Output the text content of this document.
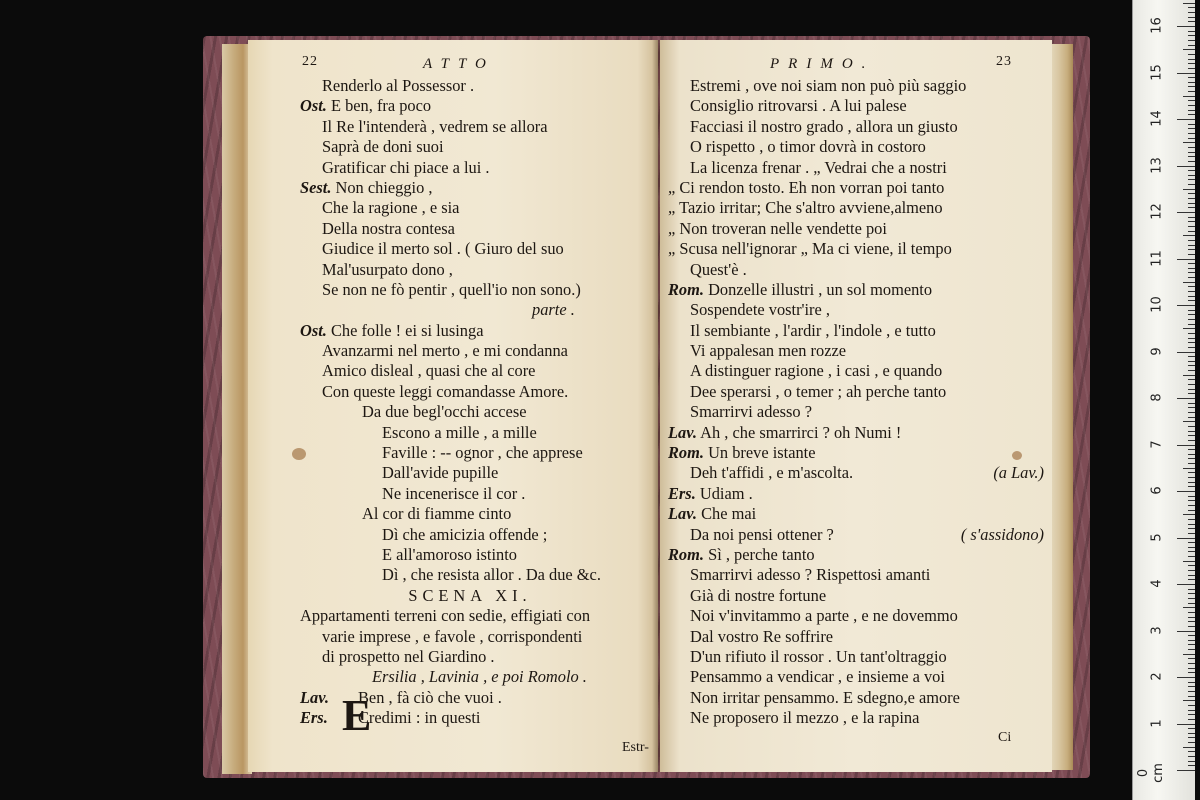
22	ATTO
Renderlo al Possessor .
Ost. E ben, fra poco
Il Re l'intenderà , vedrem se allora
Saprà de doni suoi
Gratificar chi piace a lui .
Sest. Non chieggio ,
Che la ragione , e sia
Della nostra contesa
Giudice il merto sol . ( Giuro del suo
Mal'usurpato dono ,
Se non ne fò pentir , quell'io non sono.)
parte .
Ost. Che folle ! ei si lusinga
Avanzarmi nel merto , e mi condanna
Amico disleal , quasi che al core
Con queste leggi comandasse Amore.
Da due begl'occhi accese
Escono a mille , a mille
Faville : -- ognor , che apprese
Dall'avide pupille
Ne incenerisce il cor .
Al cor di fiamme cinto
Dì che amicizia offende ;
E all'amoroso istinto
Dì , che resista allor . Da due &c.
SCENA XI.
Appartamenti terreni con sedie, effigiati con
varie imprese , e favole , corrispondenti
di prospetto nel Giardino .
Ersilia , Lavinia , e poi Romolo .
Lav. Ben , fà ciò che vuoi .
Ers. Credimi : in questi
E
Estr-
PRIMO.	23
Estremi , ove noi siam non può più saggio
Consiglio ritrovarsi . A lui palese
Facciasi il nostro grado , allora un giusto
O rispetto , o timor dovrà in costoro
La licenza frenar . „ Vedrai che a nostri
„ Ci rendon tosto. Eh non vorran poi tanto
„ Tazio irritar; Che s'altro avviene,almeno
„ Non troveran nelle vendette poi
„ Scusa nell'ignorar „ Ma ci viene, il tempo
Quest'è .
Rom. Donzelle illustri , un sol momento
Sospendete vostr'ire ,
Il sembiante , l'ardir , l'indole , e tutto
Vi appalesan men rozze
A distinguer ragione , i casi , e quando
Dee sperarsi , o temer ; ah perche tanto
Smarrirvi adesso ?
Lav. Ah , che smarrirci ? oh Numi !
Rom. Un breve istante
Deh t'affidi , e m'ascolta.	(a Lav.)
Ers. Udiam .
Lav. Che mai
Da noi pensi ottener ?	( s'assidono)
Rom. Sì , perche tanto
Smarrirvi adesso ? Rispettosi amanti
Già di nostre fortune
Noi v'invitammo a parte , e ne dovemmo
Dal vostro Re soffrire
D'un rifiuto il rossor . Un tant'oltraggio
Pensammo a vendicar , e insieme a voi
Non irritar pensammo. E sdegno,e amore
Ne proposero il mezzo , e la rapina
Ci
0 cm
1
2
3
4
5
6
7
8
9
10
11
12
13
14
15
16
